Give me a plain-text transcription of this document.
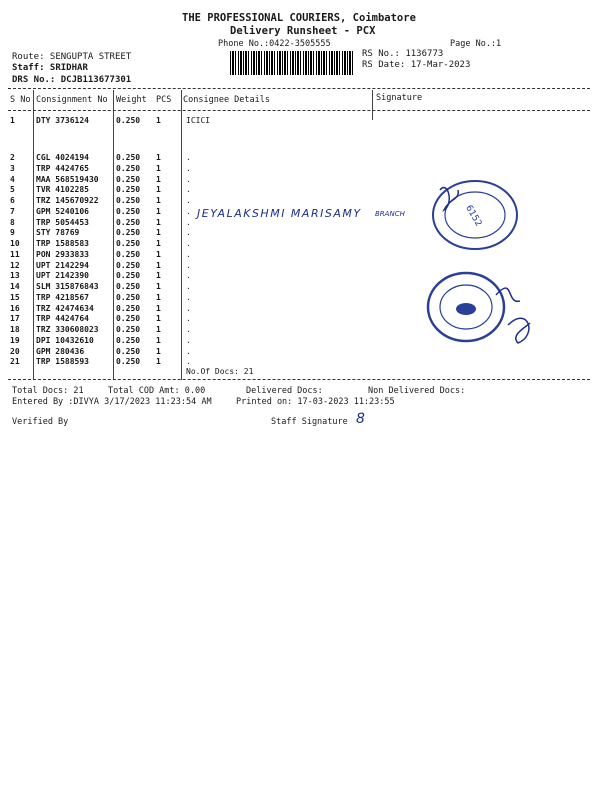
THE PROFESSIONAL COURIERS, Coimbatore
Delivery Runsheet - PCX
Phone No.:0422-3505555	Page No.:1
Route: SENGUPTA STREET
Staff: SRIDHAR
DRS No.: DCJB113677301
RS No.: 1136773
RS Date: 17-Mar-2023
S No Consignment No Weight PCS Consignee Details	Signature
1	DTY 3736124	0.250 1	ICICI
2	CGL 4024194	0.250 1	.
3	TRP 4424765	0.250 1	.
4	MAA 568519430 0.250 1	.
5	TVR 4102285	0.250 1	.
6	TRZ 145670922 0.250 1	.
7	GPM 5240106	0.250 1	.
8	TRP 5054453	0.250 1	.
9	STY 78769	0.250 1	.
10 TRP 1588583	0.250 1	.
11 PON 2933833	0.250 1	.
12 UPT 2142294	0.250 1	.
13 UPT 2142390	0.250 1	.
14 SLM 315876843 0.250 1	.
15 TRP 4218567	0.250 1	.
16 TRZ 42474634	0.250 1	.
17 TRP 4424764	0.250 1	.
18 TRZ 330608023 0.250 1	.
19 DPI 10432610	0.250 1	.
20 GPM 280436	0.250 1	.
21 TRP 1588593	0.250 1	.
No.Of Docs: 21
JEYALAKSHMI MARISAMY BRANCH	6152
Total Docs: 21	Total COD Amt: 0.00	Delivered Docs:	Non Delivered Docs:
Entered By :DIVYA 3/17/2023 11:23:54 AM	Printed on: 17-03-2023 11:23:55
Verified By	Staff Signature 8
